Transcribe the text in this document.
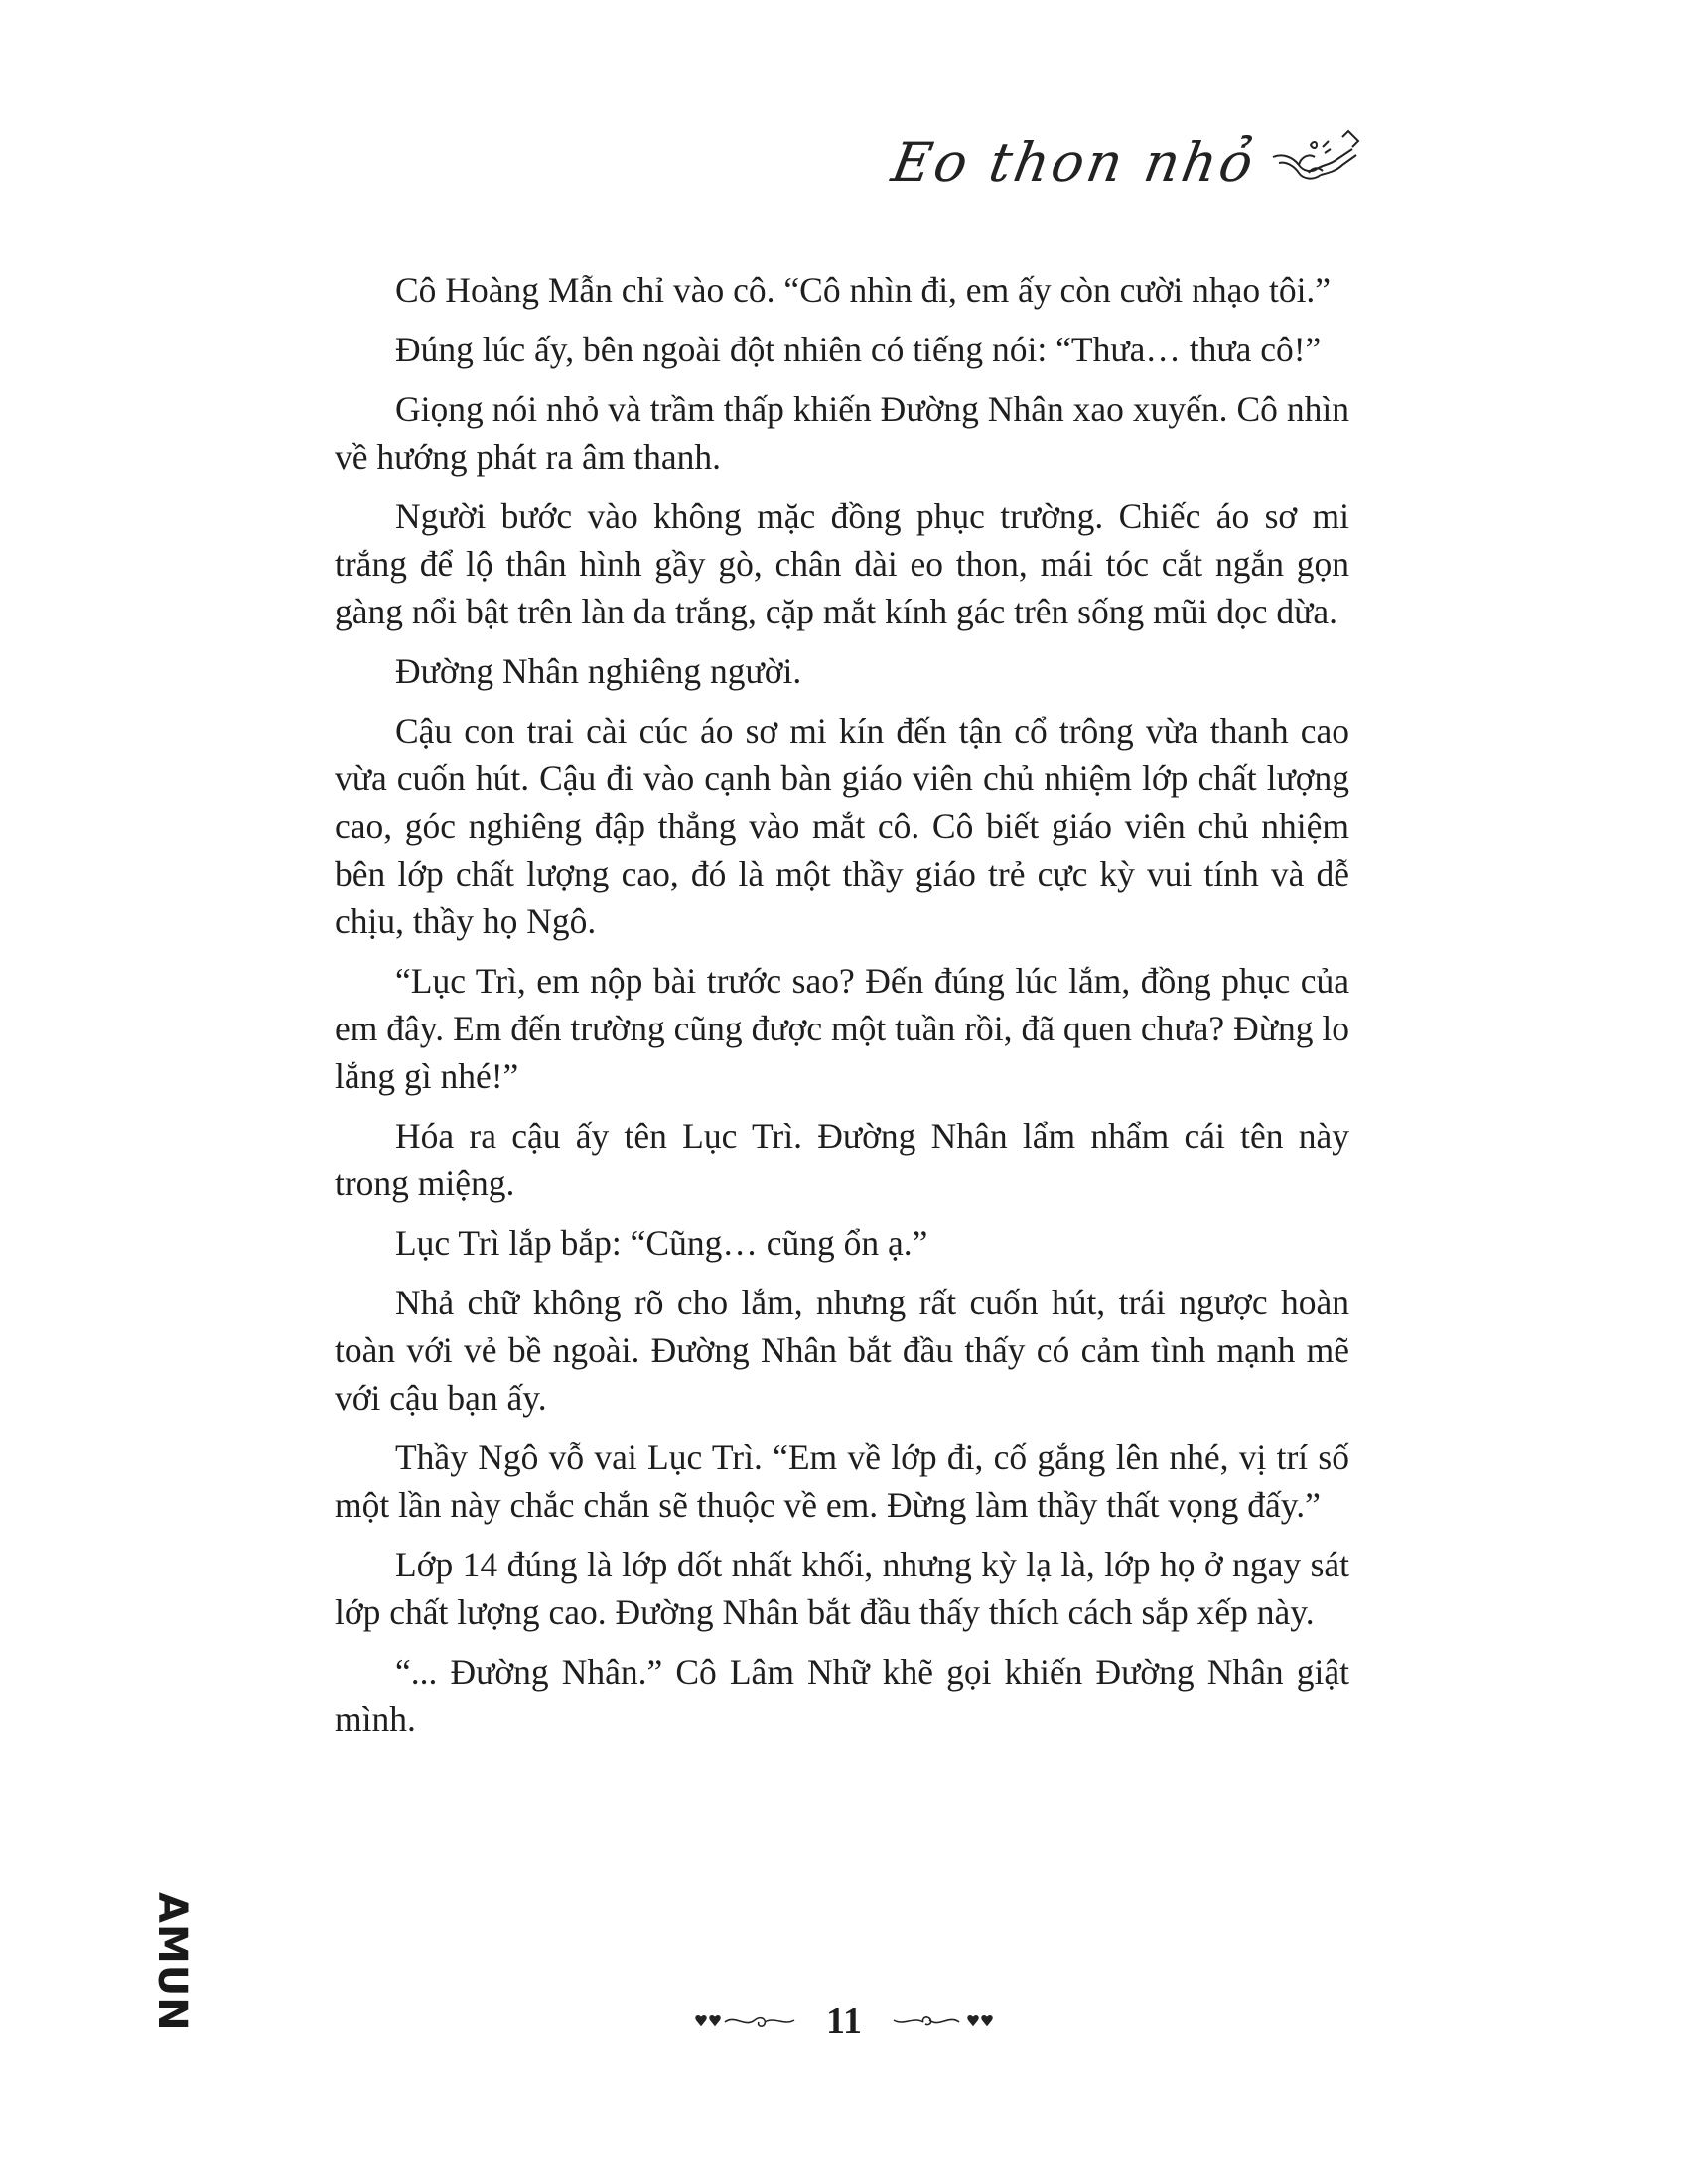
Eo thon nhỏ

Cô Hoàng Mẫn chỉ vào cô. “Cô nhìn đi, em ấy còn cười nhạo tôi.”

Đúng lúc ấy, bên ngoài đột nhiên có tiếng nói: “Thưa… thưa cô!”

Giọng nói nhỏ và trầm thấp khiến Đường Nhân xao xuyến. Cô nhìn về hướng phát ra âm thanh.

Người bước vào không mặc đồng phục trường. Chiếc áo sơ mi trắng để lộ thân hình gầy gò, chân dài eo thon, mái tóc cắt ngắn gọn gàng nổi bật trên làn da trắng, cặp mắt kính gác trên sống mũi dọc dừa.

Đường Nhân nghiêng người.

Cậu con trai cài cúc áo sơ mi kín đến tận cổ trông vừa thanh cao vừa cuốn hút. Cậu đi vào cạnh bàn giáo viên chủ nhiệm lớp chất lượng cao, góc nghiêng đập thẳng vào mắt cô. Cô biết giáo viên chủ nhiệm bên lớp chất lượng cao, đó là một thầy giáo trẻ cực kỳ vui tính và dễ chịu, thầy họ Ngô.

“Lục Trì, em nộp bài trước sao? Đến đúng lúc lắm, đồng phục của em đây. Em đến trường cũng được một tuần rồi, đã quen chưa? Đừng lo lắng gì nhé!”

Hóa ra cậu ấy tên Lục Trì. Đường Nhân lẩm nhẩm cái tên này trong miệng.

Lục Trì lắp bắp: “Cũng… cũng ổn ạ.”

Nhả chữ không rõ cho lắm, nhưng rất cuốn hút, trái ngược hoàn toàn với vẻ bề ngoài. Đường Nhân bắt đầu thấy có cảm tình mạnh mẽ với cậu bạn ấy.

Thầy Ngô vỗ vai Lục Trì. “Em về lớp đi, cố gắng lên nhé, vị trí số một lần này chắc chắn sẽ thuộc về em. Đừng làm thầy thất vọng đấy.”

Lớp 14 đúng là lớp dốt nhất khối, nhưng kỳ lạ là, lớp họ ở ngay sát lớp chất lượng cao. Đường Nhân bắt đầu thấy thích cách sắp xếp này.

“... Đường Nhân.” Cô Lâm Nhữ khẽ gọi khiến Đường Nhân giật mình.

AMUN	11
